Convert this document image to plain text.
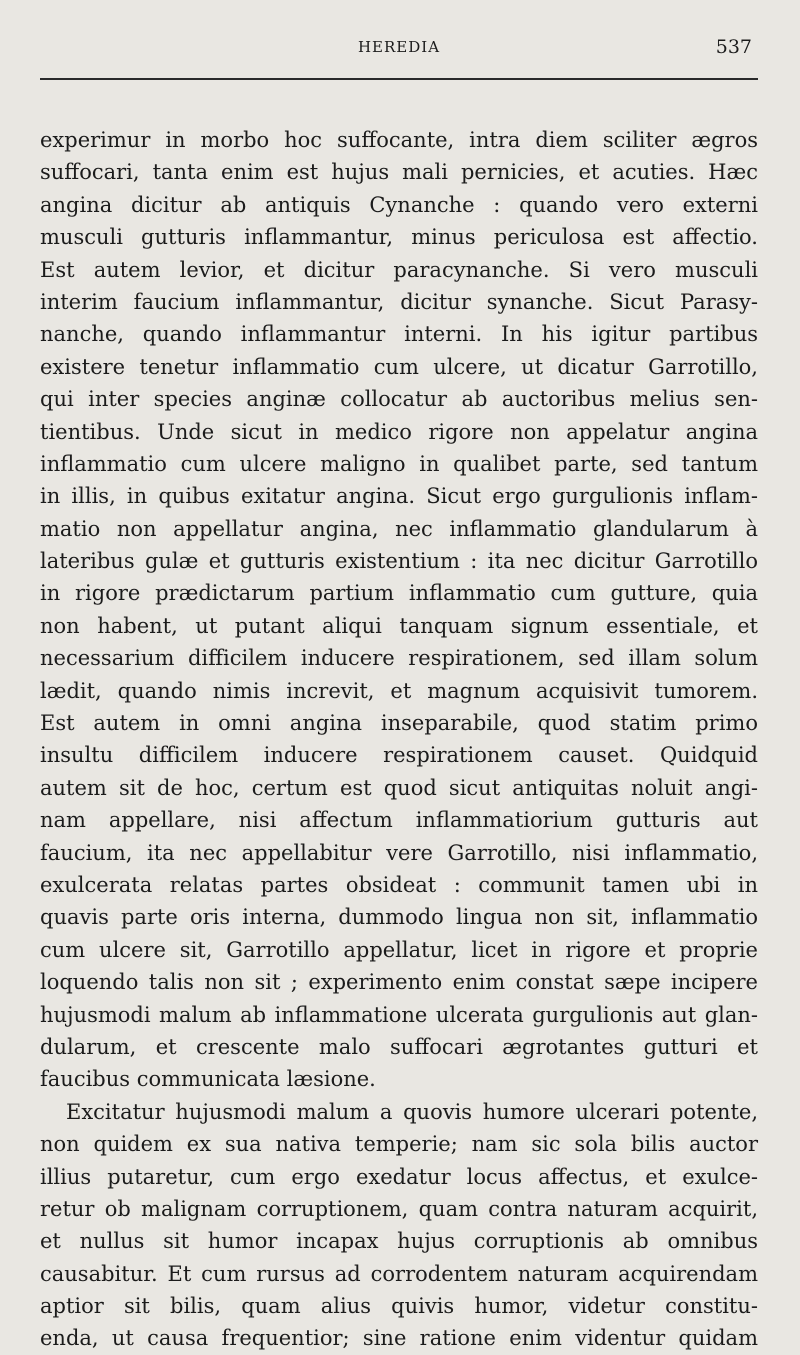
HEREDIA	537
experimur in morbo hoc suffocante, intra diem sciliter ægros
suffocari, tanta enim est hujus mali pernicies, et acuties. Hæc
angina dicitur ab antiquis Cynanche : quando vero externi
musculi gutturis inflammantur, minus periculosa est affectio.
Est autem levior, et dicitur paracynanche. Si vero musculi
interim faucium inflammantur, dicitur synanche. Sicut Parasy-
nanche, quando inflammantur interni. In his igitur partibus
existere tenetur inflammatio cum ulcere, ut dicatur Garrotillo,
qui inter species anginæ collocatur ab auctoribus melius sen-
tientibus. Unde sicut in medico rigore non appelatur angina
inflammatio cum ulcere maligno in qualibet parte, sed tantum
in illis, in quibus exitatur angina. Sicut ergo gurgulionis inflam-
matio non appellatur angina, nec inflammatio glandularum à
lateribus gulæ et gutturis existentium : ita nec dicitur Garrotillo
in rigore prædictarum partium inflammatio cum gutture, quia
non habent, ut putant aliqui tanquam signum essentiale, et
necessarium difficilem inducere respirationem, sed illam solum
lædit, quando nimis increvit, et magnum acquisivit tumorem.
Est autem in omni angina inseparabile, quod statim primo
insultu difficilem inducere respirationem causet. Quidquid
autem sit de hoc, certum est quod sicut antiquitas noluit angi-
nam appellare, nisi affectum inflammatiorium gutturis aut
faucium, ita nec appellabitur vere Garrotillo, nisi inflammatio,
exulcerata relatas partes obsideat : communit tamen ubi in
quavis parte oris interna, dummodo lingua non sit, inflammatio
cum ulcere sit, Garrotillo appellatur, licet in rigore et proprie
loquendo talis non sit ; experimento enim constat sæpe incipere
hujusmodi malum ab inflammatione ulcerata gurgulionis aut glan-
dularum, et crescente malo suffocari ægrotantes gutturi et
faucibus communicata læsione.
Excitatur hujusmodi malum a quovis humore ulcerari potente,
non quidem ex sua nativa temperie; nam sic sola bilis auctor
illius putaretur, cum ergo exedatur locus affectus, et exulce-
retur ob malignam corruptionem, quam contra naturam acquirit,
et nullus sit humor incapax hujus corruptionis ab omnibus
causabitur. Et cum rursus ad corrodentem naturam acquirendam
aptior sit bilis, quam alius quivis humor, videtur constitu-
enda, ut causa frequentior; sine ratione enim videntur quidam
